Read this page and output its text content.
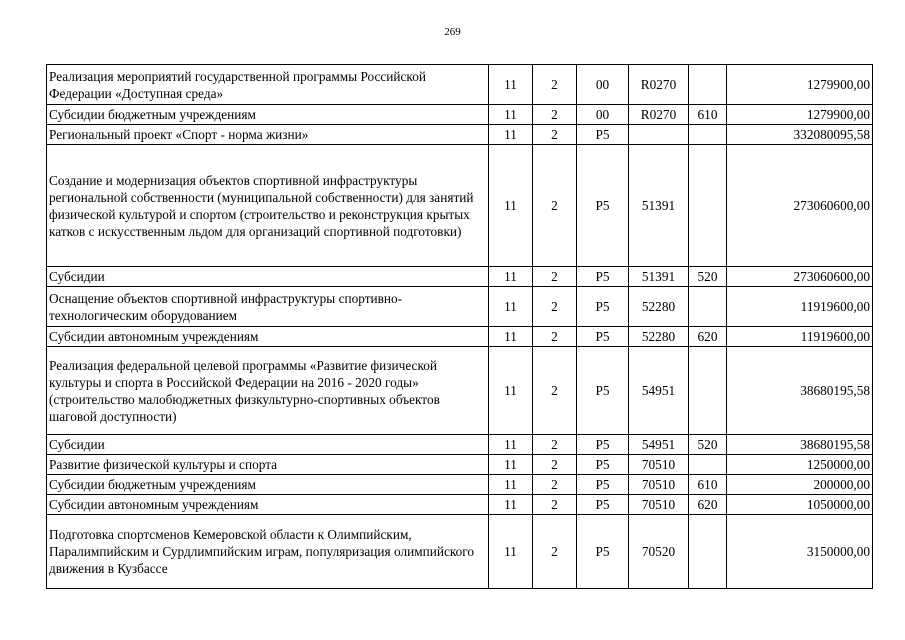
269
Реализация мероприятий государственной программы Российской Федерации «Доступная среда»	11	2	00	R0270		1279900,00
Субсидии бюджетным учреждениям	11	2	00	R0270	610	1279900,00
Региональный проект «Спорт - норма жизни»	11	2	P5			332080095,58
Создание и модернизация объектов спортивной инфраструктуры региональной собственности (муниципальной собственности) для занятий физической культурой и спортом (строительство и реконструкция крытых катков с искусственным льдом для организаций спортивной подготовки)	11	2	P5	51391		273060600,00
Субсидии	11	2	P5	51391	520	273060600,00
Оснащение объектов спортивной инфраструктуры спортивно-технологическим оборудованием	11	2	P5	52280		11919600,00
Субсидии автономным учреждениям	11	2	P5	52280	620	11919600,00
Реализация федеральной целевой программы «Развитие физической культуры и спорта в Российской Федерации на 2016 - 2020 годы» (строительство малобюджетных физкультурно-спортивных объектов шаговой доступности)	11	2	P5	54951		38680195,58
Субсидии	11	2	P5	54951	520	38680195,58
Развитие физической культуры и спорта	11	2	P5	70510		1250000,00
Субсидии бюджетным учреждениям	11	2	P5	70510	610	200000,00
Субсидии автономным учреждениям	11	2	P5	70510	620	1050000,00
Подготовка спортсменов Кемеровской области к Олимпийским, Паралимпийским и Сурдлимпийским играм, популяризация олимпийского движения в Кузбассе	11	2	P5	70520		3150000,00
